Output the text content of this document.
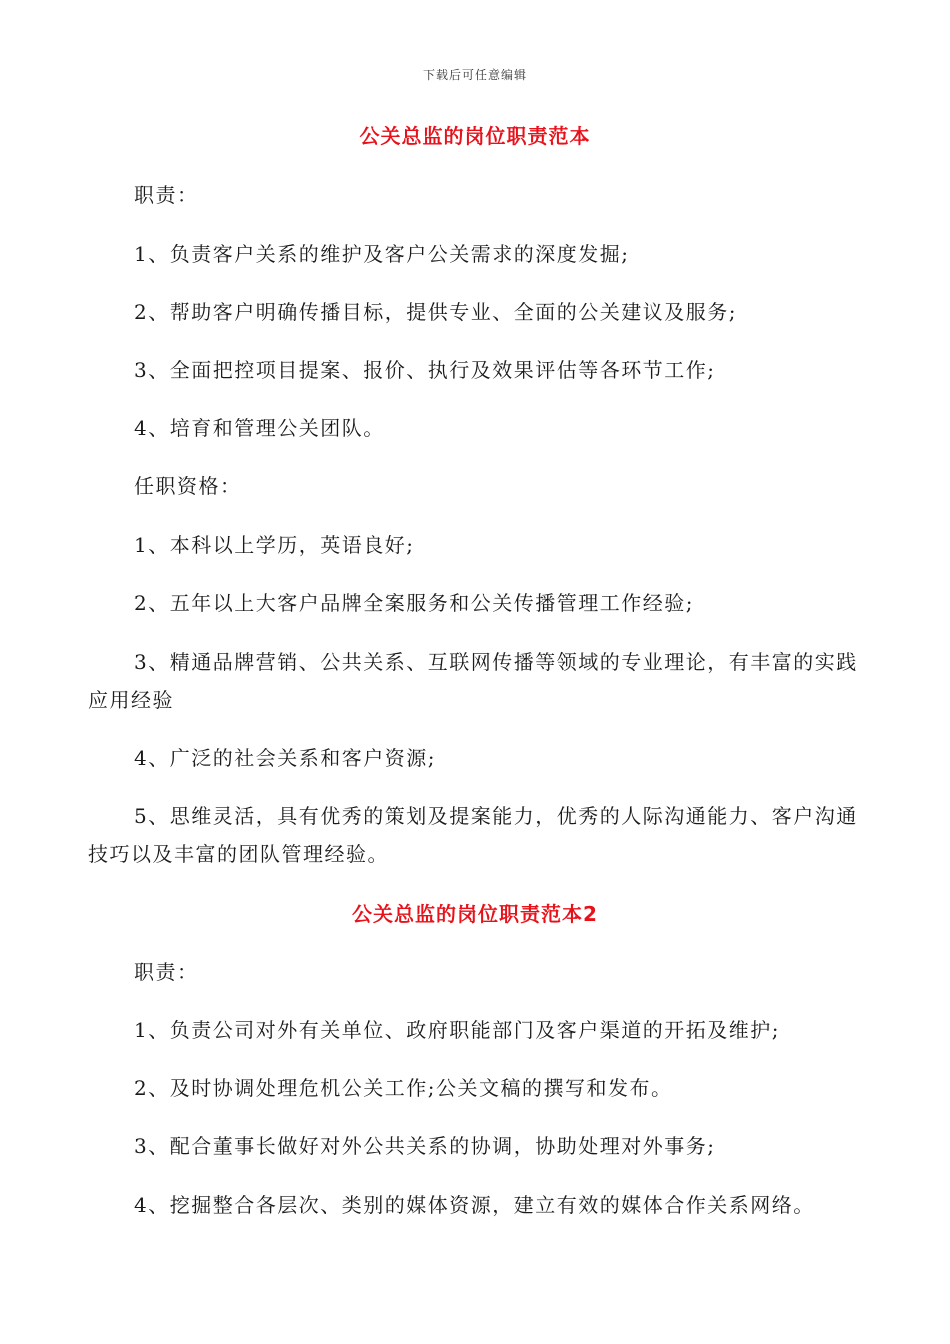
下载后可任意编辑
公关总监的岗位职责范本
职责：
1、负责客户关系的维护及客户公关需求的深度发掘;
2、帮助客户明确传播目标，提供专业、全面的公关建议及服务;
3、全面把控项目提案、报价、执行及效果评估等各环节工作;
4、培育和管理公关团队。
任职资格：
1、本科以上学历，英语良好;
2、五年以上大客户品牌全案服务和公关传播管理工作经验;
3、精通品牌营销、公共关系、互联网传播等领域的专业理论，有丰富的实践应用经验
4、广泛的社会关系和客户资源;
5、思维灵活，具有优秀的策划及提案能力，优秀的人际沟通能力、客户沟通技巧以及丰富的团队管理经验。
公关总监的岗位职责范本2
职责：
1、负责公司对外有关单位、政府职能部门及客户渠道的开拓及维护;
2、及时协调处理危机公关工作;公关文稿的撰写和发布。
3、配合董事长做好对外公共关系的协调，协助处理对外事务;
4、挖掘整合各层次、类别的媒体资源，建立有效的媒体合作关系网络。
